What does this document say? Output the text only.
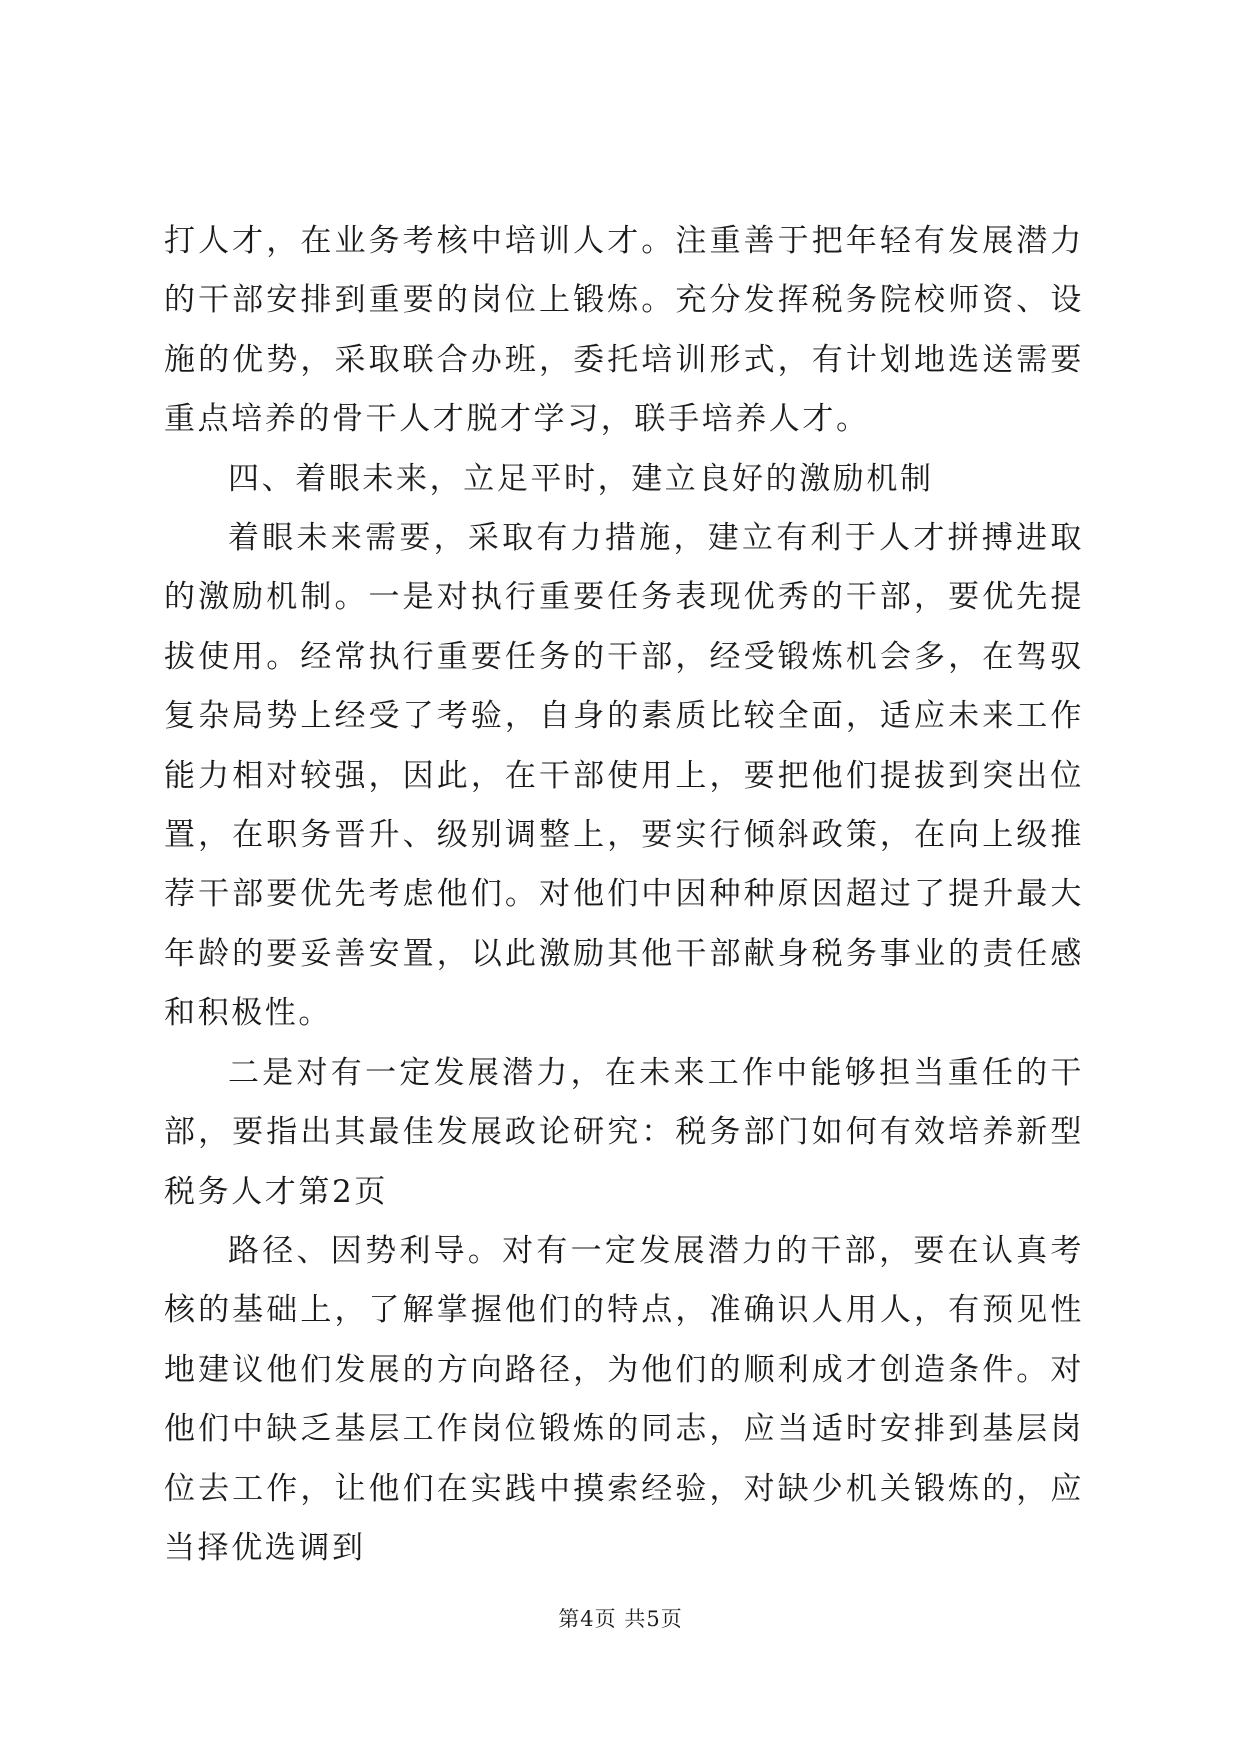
打人才，在业务考核中培训人才。注重善于把年轻有发展潜力的干部安排到重要的岗位上锻炼。充分发挥税务院校师资、设施的优势，采取联合办班，委托培训形式，有计划地选送需要重点培养的骨干人才脱才学习，联手培养人才。

四、着眼未来，立足平时，建立良好的激励机制

着眼未来需要，采取有力措施，建立有利于人才拼搏进取的激励机制。一是对执行重要任务表现优秀的干部，要优先提拔使用。经常执行重要任务的干部，经受锻炼机会多，在驾驭复杂局势上经受了考验，自身的素质比较全面，适应未来工作能力相对较强，因此，在干部使用上，要把他们提拔到突出位置，在职务晋升、级别调整上，要实行倾斜政策，在向上级推荐干部要优先考虑他们。对他们中因种种原因超过了提升最大年龄的要妥善安置，以此激励其他干部献身税务事业的责任感和积极性。

二是对有一定发展潜力，在未来工作中能够担当重任的干部，要指出其最佳发展政论研究：税务部门如何有效培养新型税务人才第2页

路径、因势利导。对有一定发展潜力的干部，要在认真考核的基础上，了解掌握他们的特点，准确识人用人，有预见性地建议他们发展的方向路径，为他们的顺利成才创造条件。对他们中缺乏基层工作岗位锻炼的同志，应当适时安排到基层岗位去工作，让他们在实践中摸索经验，对缺少机关锻炼的，应当择优选调到

第4页 共5页
